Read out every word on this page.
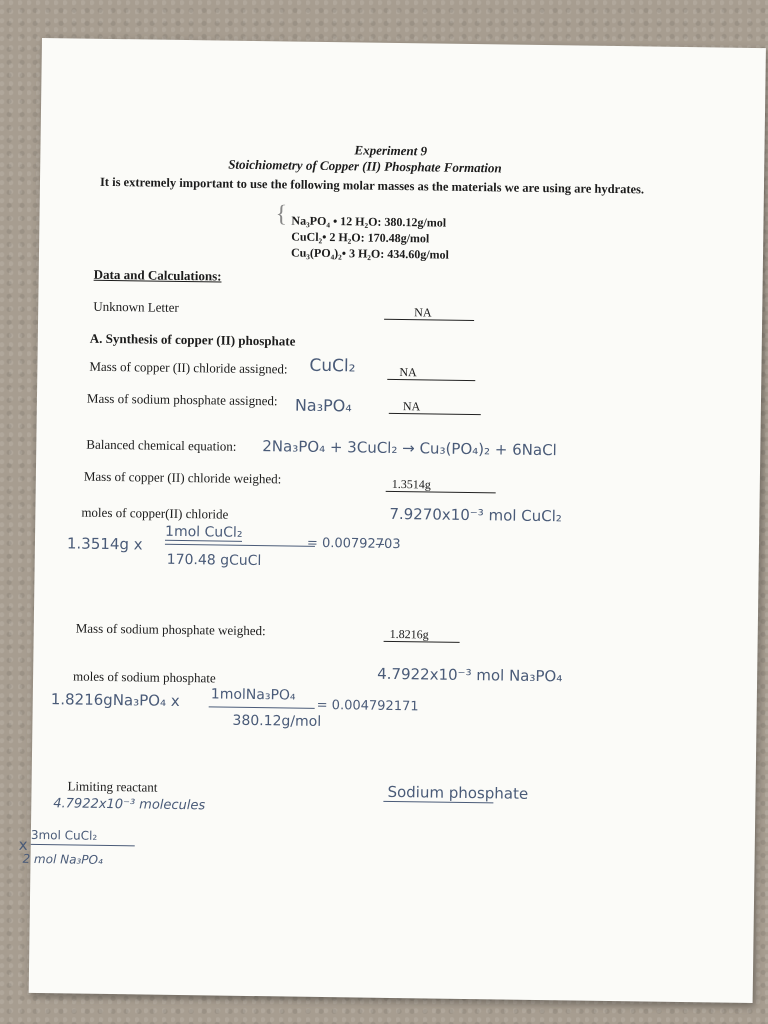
Experiment 9
Stoichiometry of Copper (II) Phosphate Formation
It is extremely important to use the following molar masses as the materials we are using are hydrates.
{ Na₃PO₄ • 12 H₂O: 380.12g/mol
CuCl₂• 2 H₂O: 170.48g/mol
Cu₃(PO₄)₂• 3 H₂O: 434.60g/mol
Data and Calculations:
Unknown Letter	NA
A. Synthesis of copper (II) phosphate
Mass of copper (II) chloride assigned: CuCl₂	NA
Mass of sodium phosphate assigned: Na₃PO₄	NA
Balanced chemical equation: 2Na₃PO₄ + 3CuCl₂ → Cu₃(PO₄)₂ + 6NaCl
Mass of copper (II) chloride weighed:	1.3514g
moles of copper(II) chloride	7.9270x10⁻³ mol CuCl₂
1.3514g x
1mol CuCl₂
= 0.007927̶03
170.48 gCuCl
Mass of sodium phosphate weighed:	1.8216g
moles of sodium phosphate	4.7922x10⁻³ mol Na₃PO₄
1.8216gNa₃PO₄ x 1molNa₃PO₄
= 0.004792171
380.12g/mol
Limiting reactant	Sodium phosphate
4.7922x10⁻³ molecules
x
3mol CuCl₂
2 mol Na₃PO₄
